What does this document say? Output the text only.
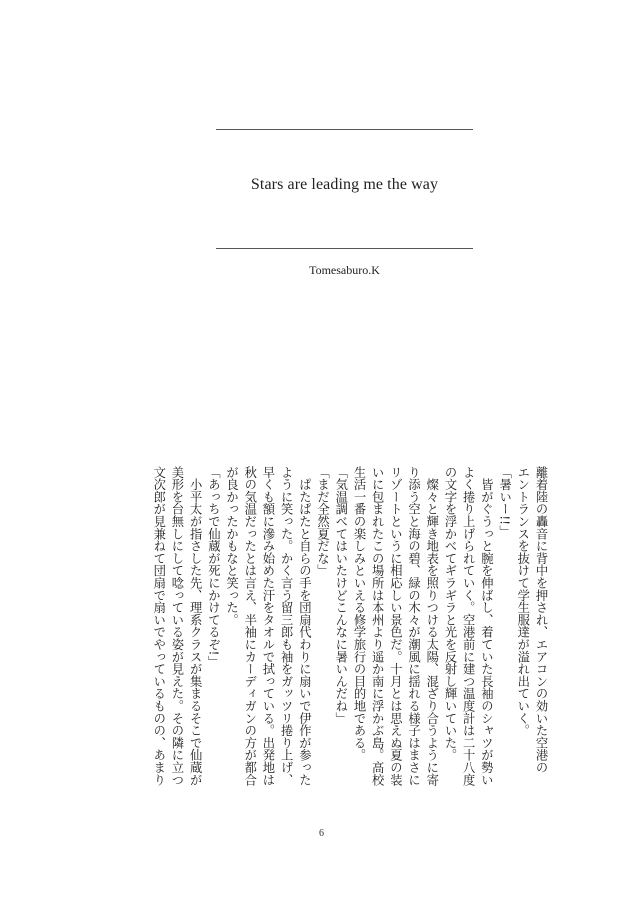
Stars are leading me the way
Tomesaburo.K
離着陸の轟音に背中を押され、エアコンの効いた空港の
エントランスを抜けて学生服達が溢れ出ていく。
「暑いー!!」
　皆がぐうっと腕を伸ばし、着ていた長袖のシャツが勢い
よく捲り上げられていく。空港前に建つ温度計は二十八度
の文字を浮かべてギラギラと光を反射し輝いていた。
　燦々と輝き地表を照りつける太陽、混ざり合うように寄
り添う空と海の碧、緑の木々が潮風に揺れる様子はまさに
リゾートというに相応しい景色だ。十月とは思えぬ夏の装
いに包まれたこの場所は本州より遥か南に浮かぶ島。高校
生活一番の楽しみといえる修学旅行の目的地である。
「気温調べてはいたけどこんなに暑いんだね」
「まだ全然夏だな」
　ぱたぱたと自らの手を団扇代わりに扇いで伊作が参った
ように笑った。かく言う留三郎も袖をガッツリ捲り上げ、
早くも額に滲み始めた汗をタオルで拭っている。出発地は
秋の気温だったとは言え、半袖にカーディガンの方が都合
が良かったかもなと笑った。
「あっちで仙蔵が死にかけてるぞ!」
　小平太が指さした先、理系クラスが集まるそこで仙蔵が
美形を台無しにして唸っている姿が見えた。その隣に立つ
文次郎が見兼ねて団扇で扇いでやっているものの、あまり
6
